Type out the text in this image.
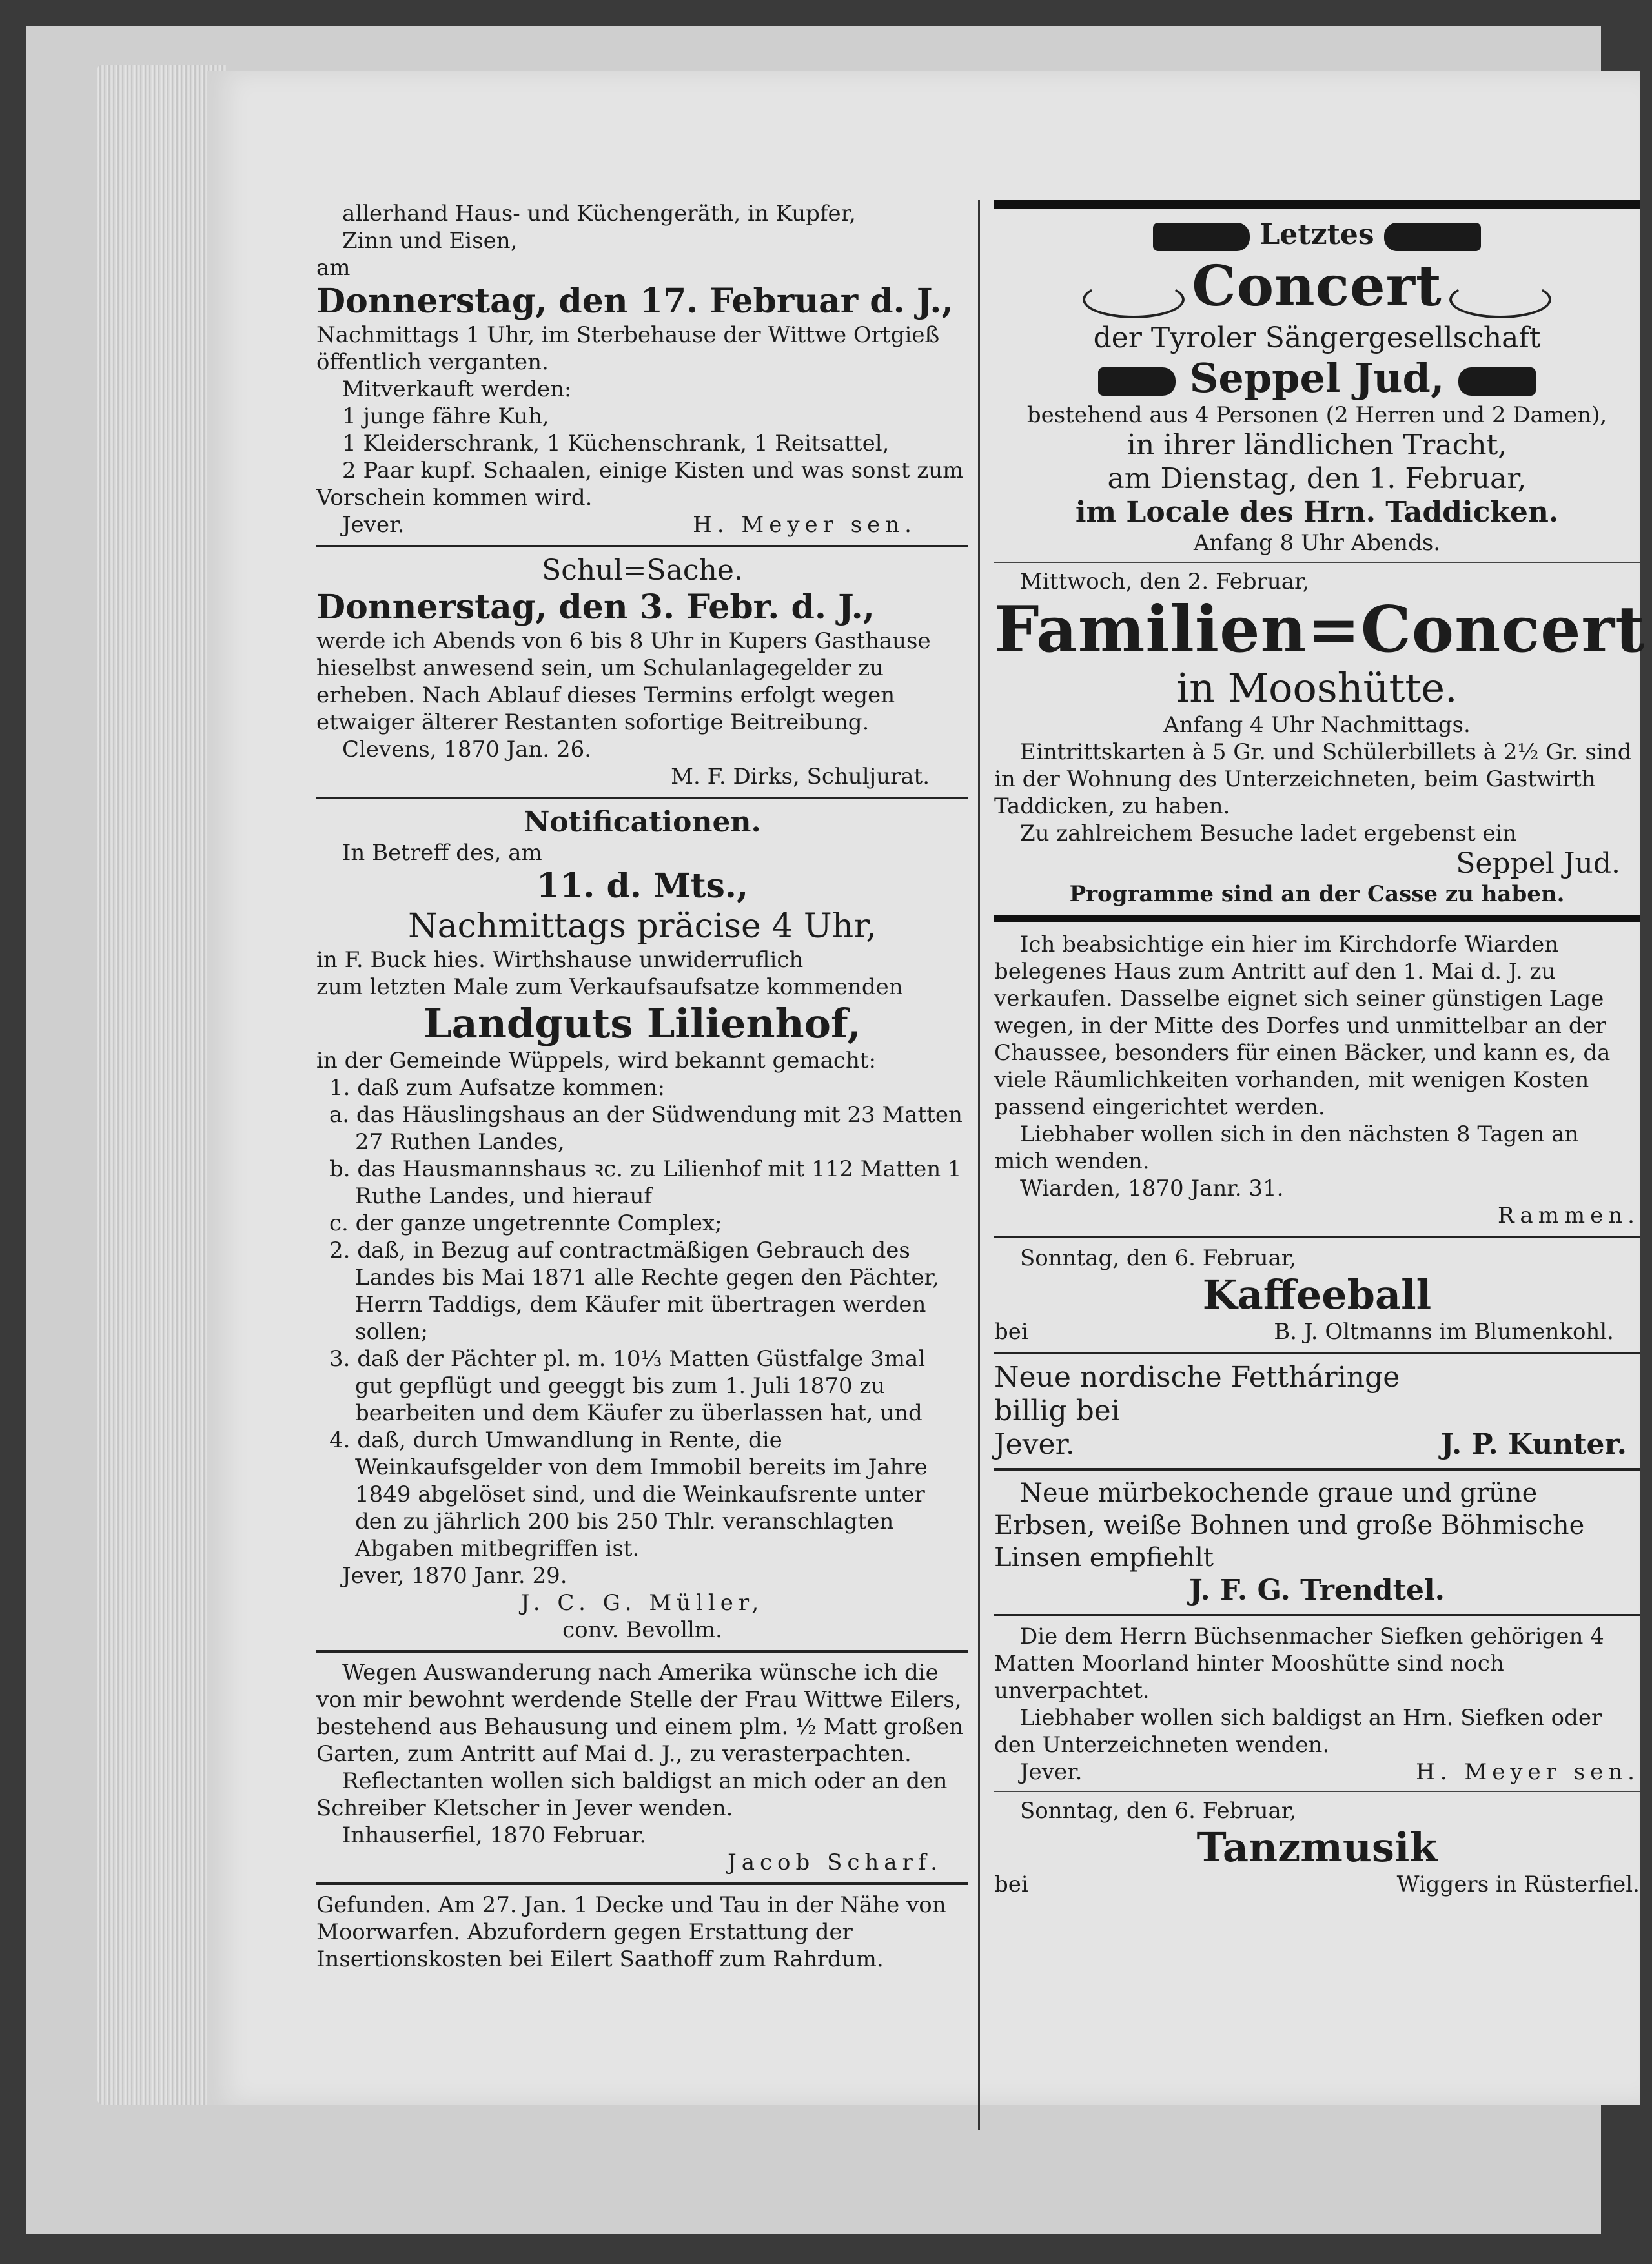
allerhand Haus- und Küchengeräth, in Kupfer,

Zinn und Eisen,

am

Donnerstag, den 17. Februar d. J.,

Nachmittags 1 Uhr, im Sterbehause der Wittwe Ortgieß öffentlich verganten.

Mitverkauft werden:

1 junge fähre Kuh,

1 Kleiderschrank, 1 Küchenschrank, 1 Reitsattel,

2 Paar kupf. Schaalen, einige Kisten und was sonst zum Vorschein kommen wird.

Jever.	H. Meyer sen.

Schul=Sache.

Donnerstag, den 3. Febr. d. J.,

werde ich Abends von 6 bis 8 Uhr in Kupers Gasthause hieselbst anwesend sein, um Schulanlagegelder zu erheben. Nach Ablauf dieses Termins erfolgt wegen etwaiger älterer Restanten sofortige Beitreibung.

Clevens, 1870 Jan. 26.

M. F. Dirks, Schuljurat.

Notificationen.

In Betreff des, am

11. d. Mts.,

Nachmittags präcise 4 Uhr,

in F. Buck hies. Wirthshause unwiderruflich

zum letzten Male zum Verkaufsaufsatze kommenden

Landguts Lilienhof,

in der Gemeinde Wüppels, wird bekannt gemacht:

1. daß zum Aufsatze kommen:

a. das Häuslingshaus an der Südwendung mit 23 Matten 27 Ruthen Landes,

b. das Hausmannshaus ꝛc. zu Lilienhof mit 112 Matten 1 Ruthe Landes, und hierauf

c. der ganze ungetrennte Complex;

2. daß, in Bezug auf contractmäßigen Gebrauch des Landes bis Mai 1871 alle Rechte gegen den Pächter, Herrn Taddigs, dem Käufer mit übertragen werden sollen;

3. daß der Pächter pl. m. 10⅓ Matten Güstfalge 3mal gut gepflügt und geeggt bis zum 1. Juli 1870 zu bearbeiten und dem Käufer zu überlassen hat, und

4. daß, durch Umwandlung in Rente, die Weinkaufsgelder von dem Immobil bereits im Jahre 1849 abgelöset sind, und die Weinkaufsrente unter den zu jährlich 200 bis 250 Thlr. veranschlagten Abgaben mitbegriffen ist.

Jever, 1870 Janr. 29.

J. C. G. Müller,

conv. Bevollm.

Wegen Auswanderung nach Amerika wünsche ich die von mir bewohnt werdende Stelle der Frau Wittwe Eilers, bestehend aus Behausung und einem plm. ½ Matt großen Garten, zum Antritt auf Mai d. J., zu verasterpachten.

Reflectanten wollen sich baldigst an mich oder an den Schreiber Kletscher in Jever wenden.

Inhauserfiel, 1870 Februar.

Jacob Scharf.

Gefunden. Am 27. Jan. 1 Decke und Tau in der Nähe von Moorwarfen. Abzufordern gegen Erstattung der Insertionskosten bei Eilert Saathoff zum Rahrdum.

Letztes

Concert

der Tyroler Sängergesellschaft

Seppel Jud,

bestehend aus 4 Personen (2 Herren und 2 Damen),

in ihrer ländlichen Tracht,

am Dienstag, den 1. Februar,

im Locale des Hrn. Taddicken.

Anfang 8 Uhr Abends.

Mittwoch, den 2. Februar,

Familien=Concert

in Mooshütte.

Anfang 4 Uhr Nachmittags.

Eintrittskarten à 5 Gr. und Schülerbillets à 2½ Gr. sind in der Wohnung des Unterzeichneten, beim Gastwirth Taddicken, zu haben.

Zu zahlreichem Besuche ladet ergebenst ein

Seppel Jud.

Programme sind an der Casse zu haben.

Ich beabsichtige ein hier im Kirchdorfe Wiarden belegenes Haus zum Antritt auf den 1. Mai d. J. zu verkaufen. Dasselbe eignet sich seiner günstigen Lage wegen, in der Mitte des Dorfes und unmittelbar an der Chaussee, besonders für einen Bäcker, und kann es, da viele Räumlichkeiten vorhanden, mit wenigen Kosten passend eingerichtet werden.

Liebhaber wollen sich in den nächsten 8 Tagen an mich wenden.

Wiarden, 1870 Janr. 31.

Rammen.

Sonntag, den 6. Februar,

Kaffeeball

bei	B. J. Oltmanns im Blumenkohl.

Neue nordische Fettháringe

billig bei

Jever.	J. P. Kunter.

Neue mürbekochende graue und grüne Erbsen, weiße Bohnen und große Böhmische Linsen empfiehlt

J. F. G. Trendtel.

Die dem Herrn Büchsenmacher Siefken gehörigen 4 Matten Moorland hinter Mooshütte sind noch unverpachtet.

Liebhaber wollen sich baldigst an Hrn. Siefken oder den Unterzeichneten wenden.

Jever.	H. Meyer sen.

Sonntag, den 6. Februar,

Tanzmusik

bei	Wiggers in Rüsterfiel.
